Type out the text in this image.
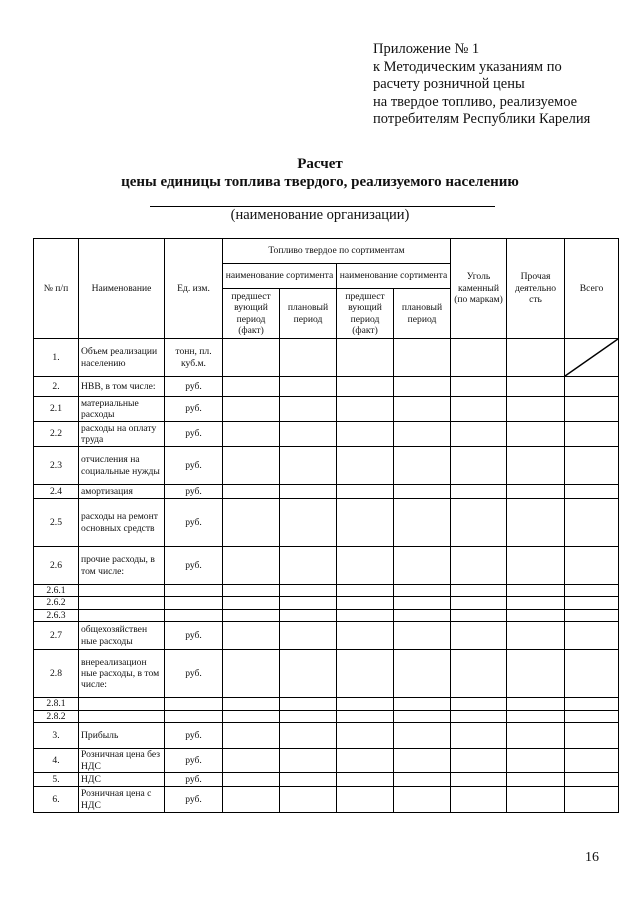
Приложение № 1
к Методическим указаниям по
расчету розничной цены
на твердое топливо, реализуемое
потребителям Республики Карелия
Расчет
цены единицы топлива твердого, реализуемого населению
(наименование организации)
№ п/п	Наименование	Ед. изм.	Топливо твердое по сортиментам				Уголь каменный (по маркам)	Прочая деятельно сть	Всего
			наименование сортимента		наименование сортимента				
			предшест вующий период (факт)	плановый период	предшест вующий период (факт)	плановый период			
1.	Объем реализации населению	тонн, пл. куб.м.							

2.	НВВ, в том числе:	руб.							
2.1	материальные расходы	руб.							
2.2	расходы на оплату труда	руб.							
2.3	отчисления на социальные нужды	руб.							
2.4	амортизация	руб.							
2.5	расходы на ремонт основных средств	руб.							
2.6	прочие расходы, в том числе:	руб.							
2.6.1									
2.6.2									
2.6.3									
2.7	общехозяйствен ные расходы	руб.							
2.8	внереализацион ные расходы, в том числе:	руб.							
2.8.1									
2.8.2									
3.	Прибыль	руб.							
4.	Розничная цена без НДС	руб.							
5.	НДС	руб.							
6.	Розничная цена с НДС	руб.							
16
